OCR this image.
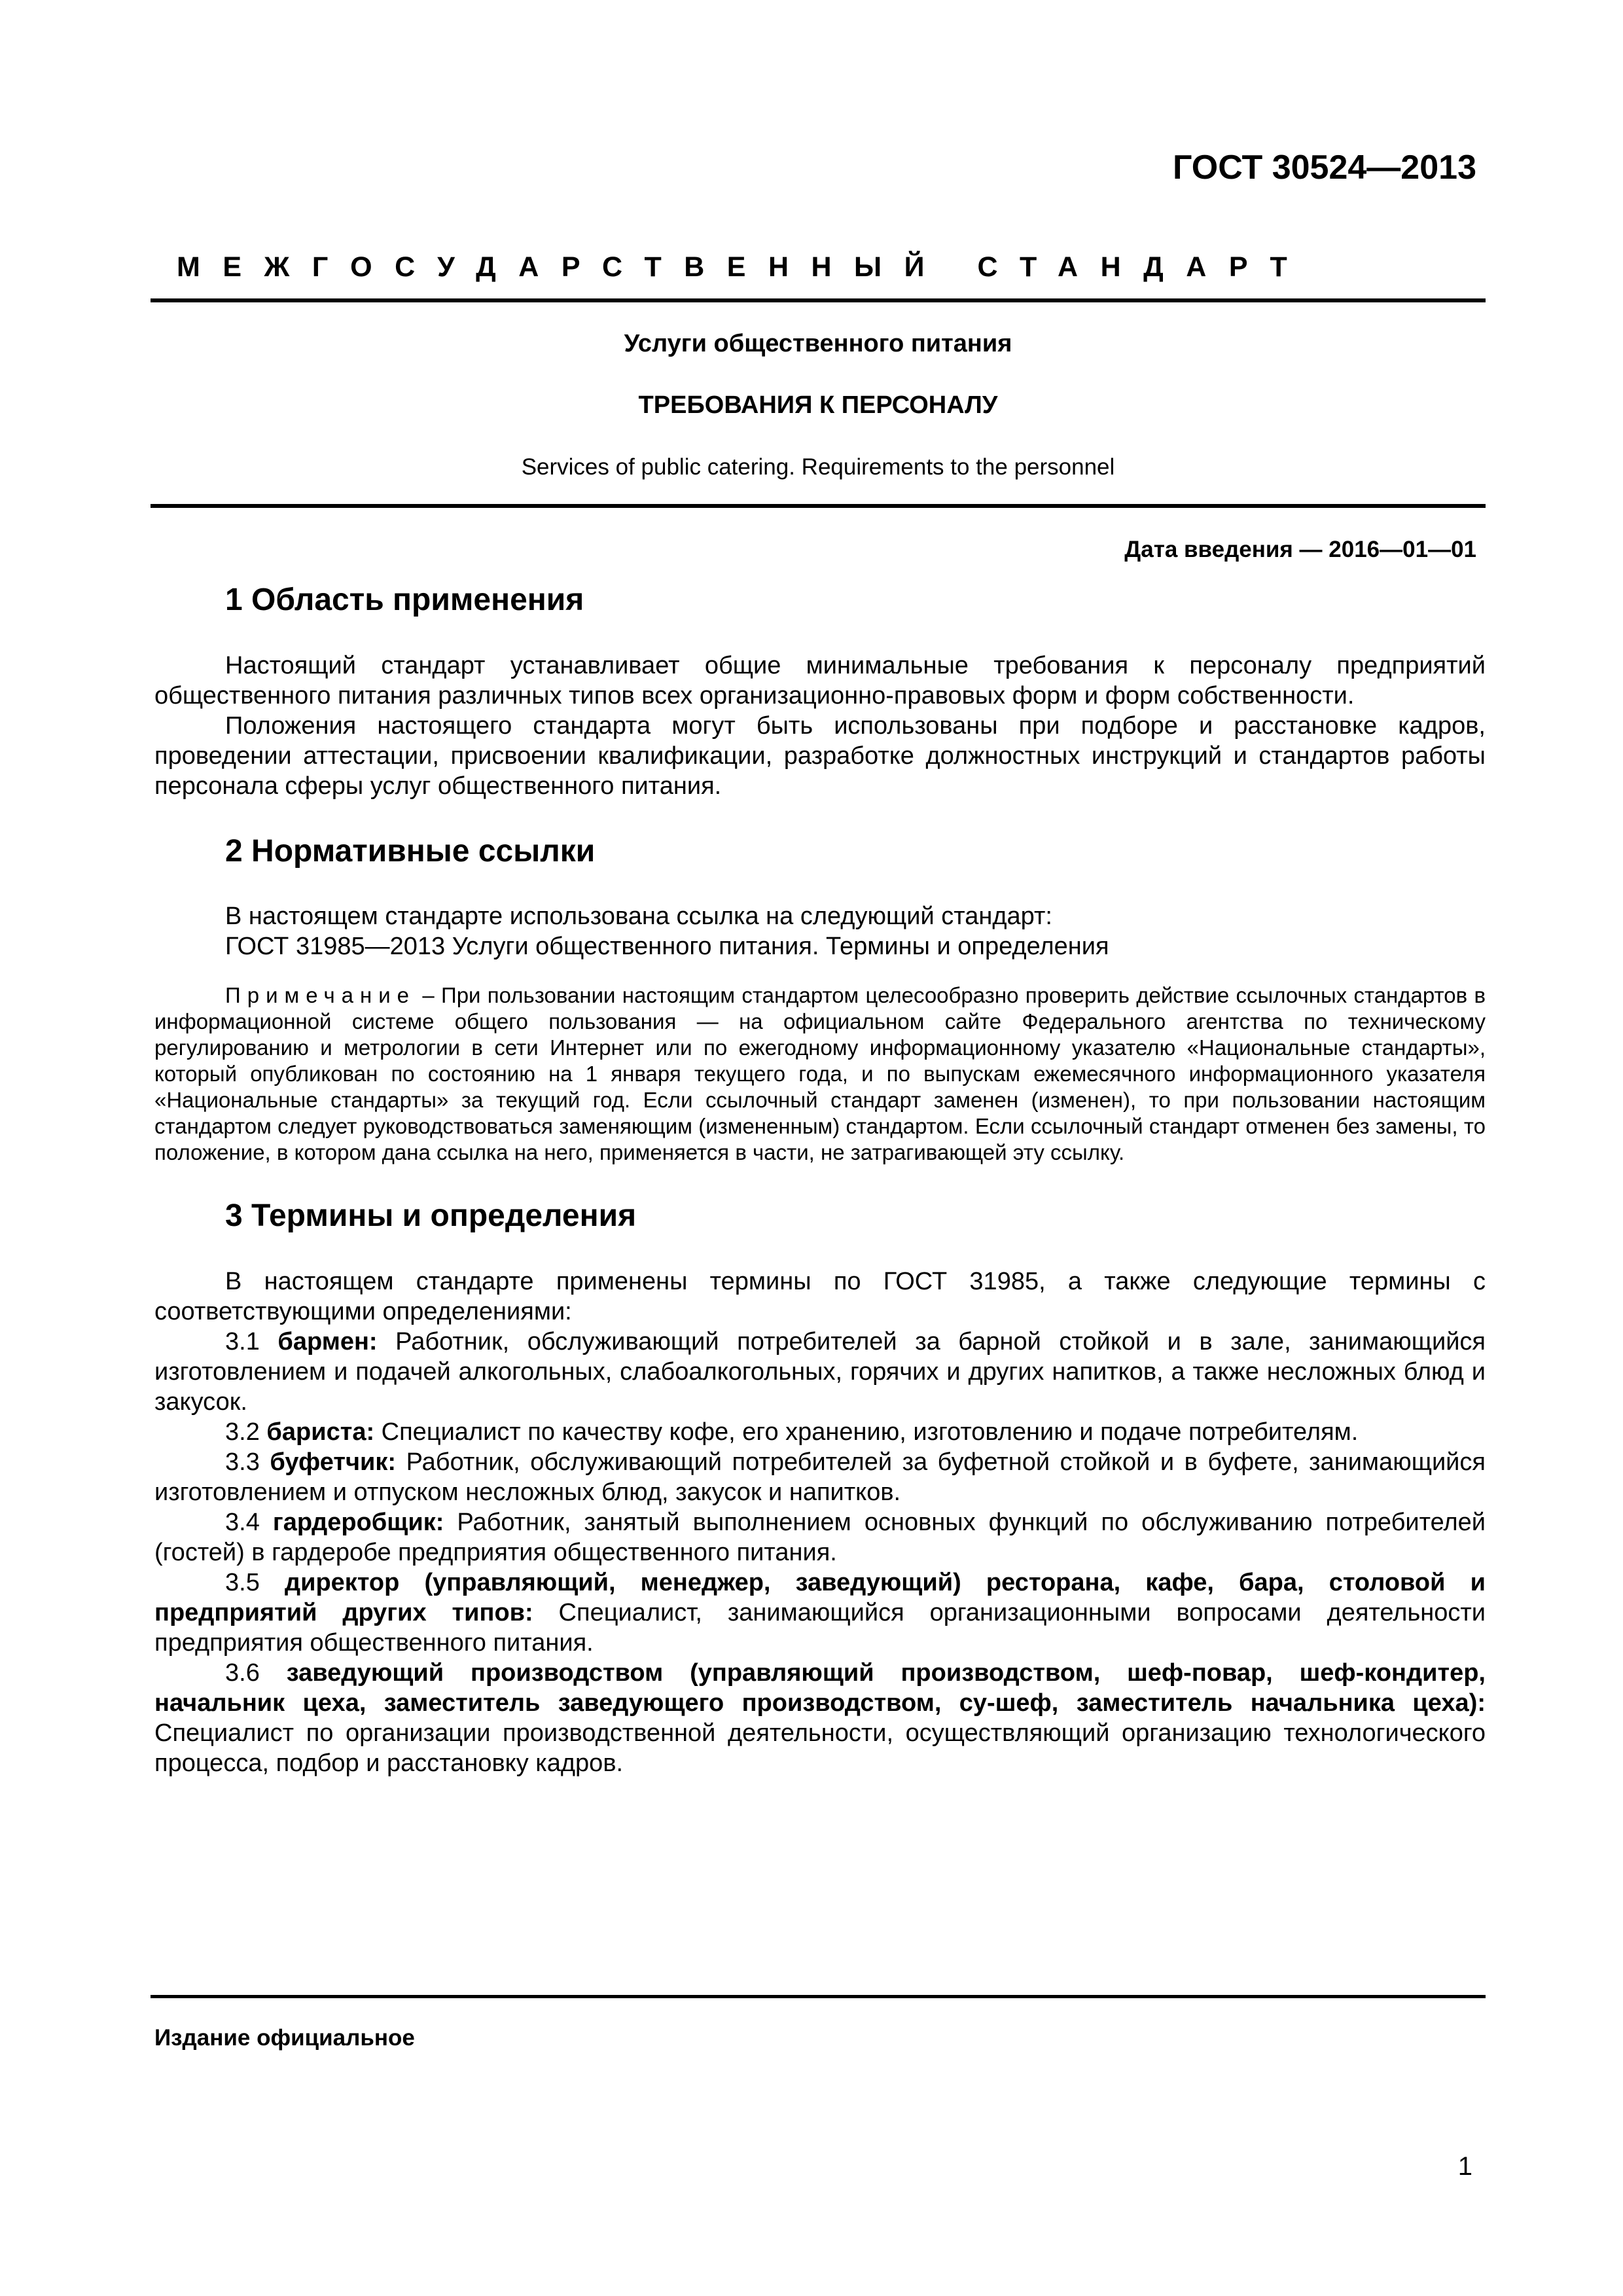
ГОСТ 30524—2013
МЕЖГОСУДАРСТВЕННЫЙ СТАНДАРТ
Услуги общественного питания
ТРЕБОВАНИЯ К ПЕРСОНАЛУ
Services of public catering. Requirements to the personnel
Дата введения — 2016—01—01
1 Область применения

Настоящий стандарт устанавливает общие минимальные требования к персоналу предприятий общественного питания различных типов всех организационно-правовых форм и форм собственности.

Положения настоящего стандарта могут быть использованы при подборе и расстановке кадров, проведении аттестации, присвоении квалификации, разработке должностных инструкций и стандартов работы персонала сферы услуг общественного питания.

2 Нормативные ссылки

В настоящем стандарте использована ссылка на следующий стандарт:

ГОСТ 31985—2013 Услуги общественного питания. Термины и определения

Примечание – При пользовании настоящим стандартом целесообразно проверить действие ссылочных стандартов в информационной системе общего пользования — на официальном сайте Федерального агентства по техническому регулированию и метрологии в сети Интернет или по ежегодному информационному указателю «Национальные стандарты», который опубликован по состоянию на 1 января текущего года, и по выпускам ежемесячного информационного указателя «Национальные стандарты» за текущий год. Если ссылочный стандарт заменен (изменен), то при пользовании настоящим стандартом следует руководствоваться заменяющим (измененным) стандартом. Если ссылочный стандарт отменен без замены, то положение, в котором дана ссылка на него, применяется в части, не затрагивающей эту ссылку.

3 Термины и определения

В настоящем стандарте применены термины по ГОСТ 31985, а также следующие термины с соответствующими определениями:

3.1 бармен: Работник, обслуживающий потребителей за барной стойкой и в зале, занимающийся изготовлением и подачей алкогольных, слабоалкогольных, горячих и других напитков, а также несложных блюд и закусок.

3.2 бариста: Специалист по качеству кофе, его хранению, изготовлению и подаче потребителям.

3.3 буфетчик: Работник, обслуживающий потребителей за буфетной стойкой и в буфете, занимающийся изготовлением и отпуском несложных блюд, закусок и напитков.

3.4 гардеробщик: Работник, занятый выполнением основных функций по обслуживанию потребителей (гостей) в гардеробе предприятия общественного питания.

3.5 директор (управляющий, менеджер, заведующий) ресторана, кафе, бара, столовой и предприятий других типов: Специалист, занимающийся организационными вопросами деятельности предприятия общественного питания.

3.6 заведующий производством (управляющий производством, шеф-повар, шеф-кондитер, начальник цеха, заместитель заведующего производством, су-шеф, заместитель начальника цеха): Специалист по организации производственной деятельности, осуществляющий организацию технологического процесса, подбор и расстановку кадров.

Издание официальное
1
